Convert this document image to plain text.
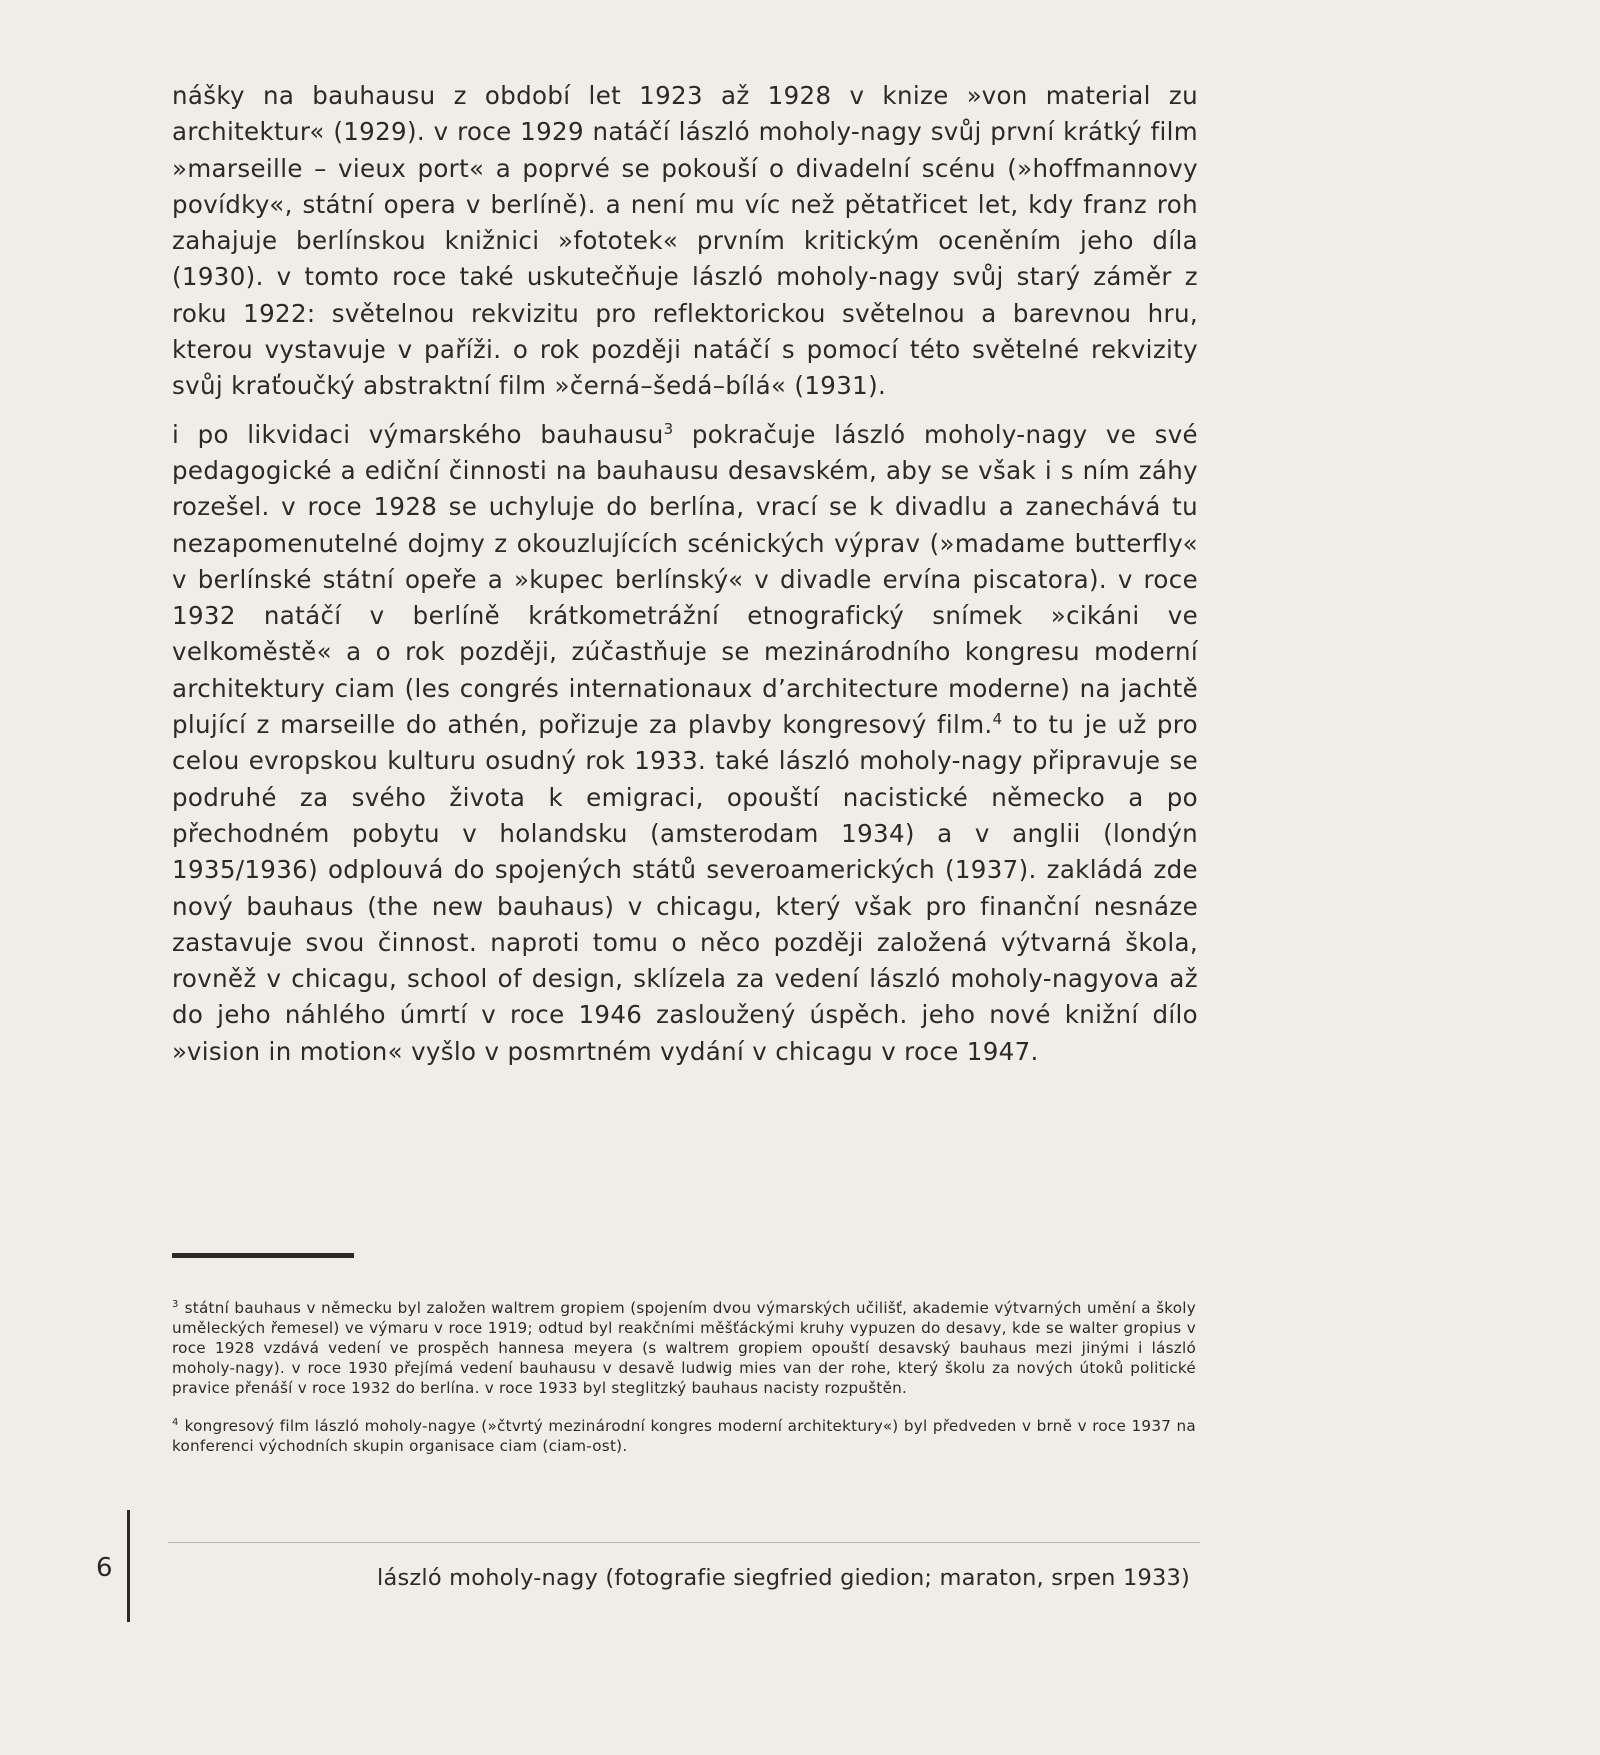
nášky na bauhausu z období let 1923 až 1928 v knize »von material zu architektur« (1929). v roce 1929 natáčí lászló moholy-nagy svůj první krátký film »marseille – vieux port« a poprvé se pokouší o divadelní scénu (»hoffmannovy povídky«, státní opera v berlíně). a není mu víc než pětatřicet let, kdy franz roh zahajuje berlínskou knižnici »fototek« prvním kritickým oceněním jeho díla (1930). v tomto roce také uskutečňuje lászló moholy-nagy svůj starý záměr z roku 1922: světelnou rekvizitu pro reflektorickou světelnou a barevnou hru, kterou vystavuje v paříži. o rok později natáčí s pomocí této světelné rekvizity svůj kraťoučký abstraktní film »černá–šedá–bílá« (1931).

i po likvidaci výmarského bauhausu$^3$ pokračuje lászló moholy-nagy ve své pedagogické a ediční činnosti na bauhausu desavském, aby se však i s ním záhy rozešel. v roce 1928 se uchyluje do berlína, vrací se k divadlu a zanechává tu nezapomenutelné dojmy z okouzlujících scénických výprav (»madame butterfly« v berlínské státní opeře a »kupec berlínský« v divadle ervína piscatora). v roce 1932 natáčí v berlíně krátkometrážní etnografický snímek »cikáni ve velkoměstě« a o rok později, zúčastňuje se mezinárodního kongresu moderní architektury ciam (les congrés internationaux d’architecture moderne) na jachtě plující z marseille do athén, pořizuje za plavby kongresový film.$^4$ to tu je už pro celou evropskou kulturu osudný rok 1933. také lászló moholy-nagy připravuje se podruhé za svého života k emigraci, opouští nacistické německo a po přechodném pobytu v holandsku (amsterodam 1934) a v anglii (londýn 1935/1936) odplouvá do spojených států severoamerických (1937). zakládá zde nový bauhaus (the new bauhaus) v chicagu, který však pro finanční nesnáze zastavuje svou činnost. naproti tomu o něco později založená výtvarná škola, rovněž v chicagu, school of design, sklízela za vedení lászló moholy-nagyova až do jeho náhlého úmrtí v roce 1946 zasloužený úspěch. jeho nové knižní dílo »vision in motion« vyšlo v posmrtném vydání v chicagu v roce 1947.

$^3$ státní bauhaus v německu byl založen waltrem gropiem (spojením dvou výmarských učilišť, akademie výtvarných umění a školy uměleckých řemesel) ve výmaru v roce 1919; odtud byl reakčními měšťáckými kruhy vypuzen do desavy, kde se walter gropius v roce 1928 vzdává vedení ve prospěch hannesa meyera (s waltrem gropiem opouští desavský bauhaus mezi jinými i lászló moholy-nagy). v roce 1930 přejímá vedení bauhausu v desavě ludwig mies van der rohe, který školu za nových útoků politické pravice přenáší v roce 1932 do berlína. v roce 1933 byl steglitzký bauhaus nacisty rozpuštěn.

$^4$ kongresový film lászló moholy-nagye (»čtvrtý mezinárodní kongres moderní architektury«) byl předveden v brně v roce 1937 na konferenci východních skupin organisace ciam (ciam-ost).

6	lászló moholy-nagy (fotografie siegfried giedion; maraton, srpen 1933)
